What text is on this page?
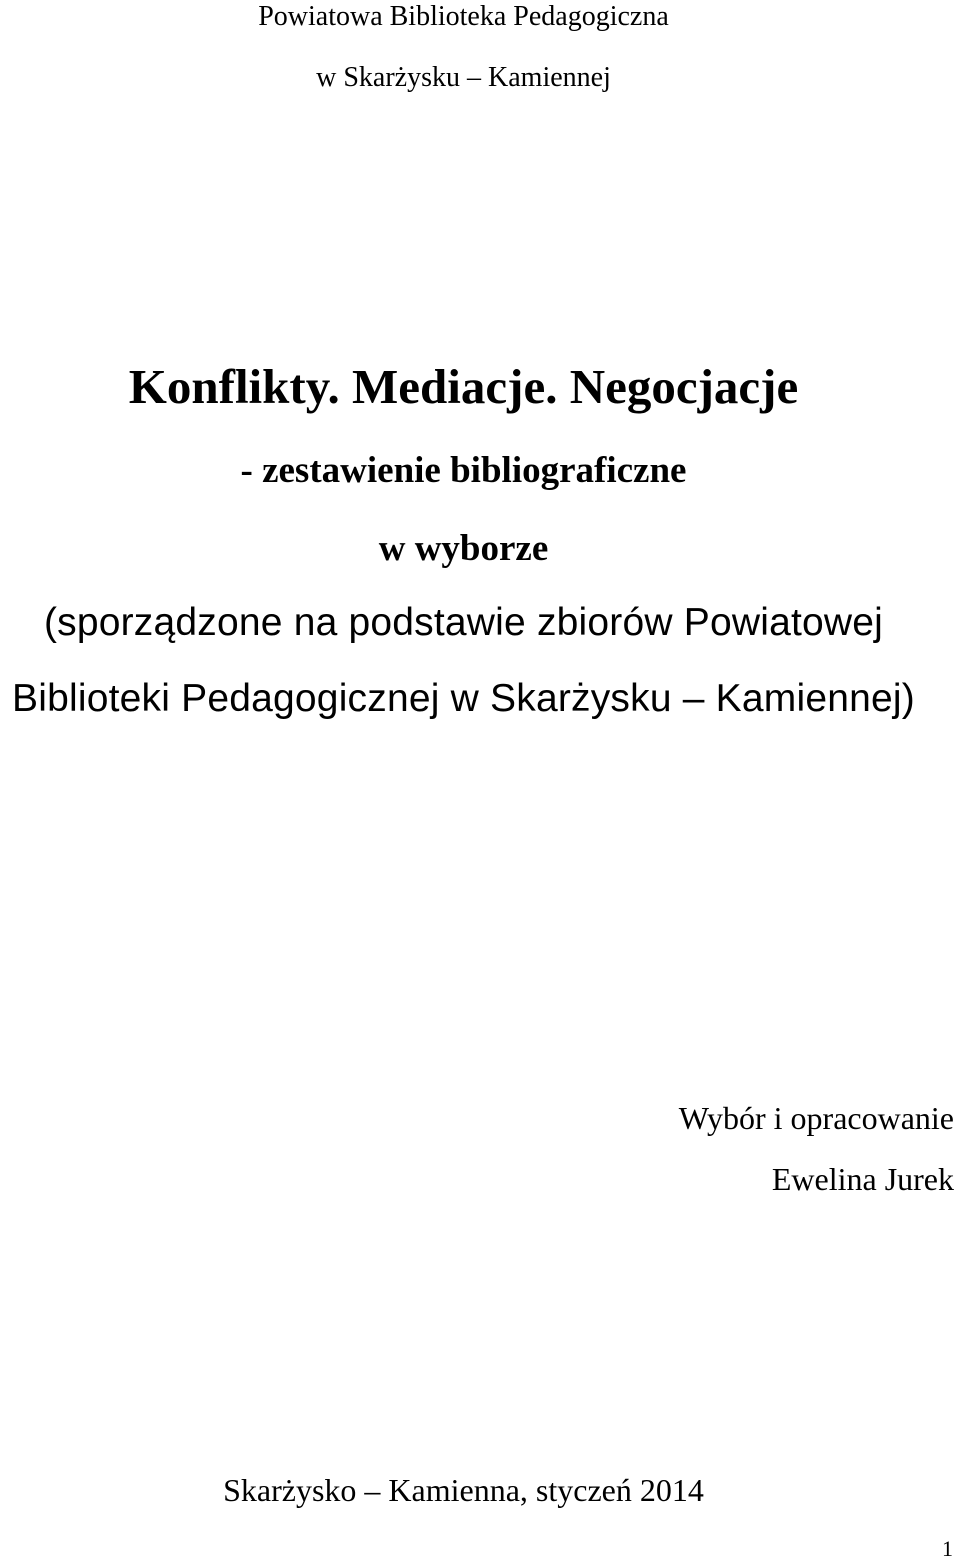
Powiatowa Biblioteka Pedagogiczna
w Skarżysku – Kamiennej
Konflikty. Mediacje. Negocjacje
- zestawienie bibliograficzne
w wyborze
(sporządzone na podstawie zbiorów Powiatowej
Biblioteki Pedagogicznej w Skarżysku – Kamiennej)
Wybór i opracowanie
Ewelina Jurek
Skarżysko – Kamienna, styczeń 2014
1
